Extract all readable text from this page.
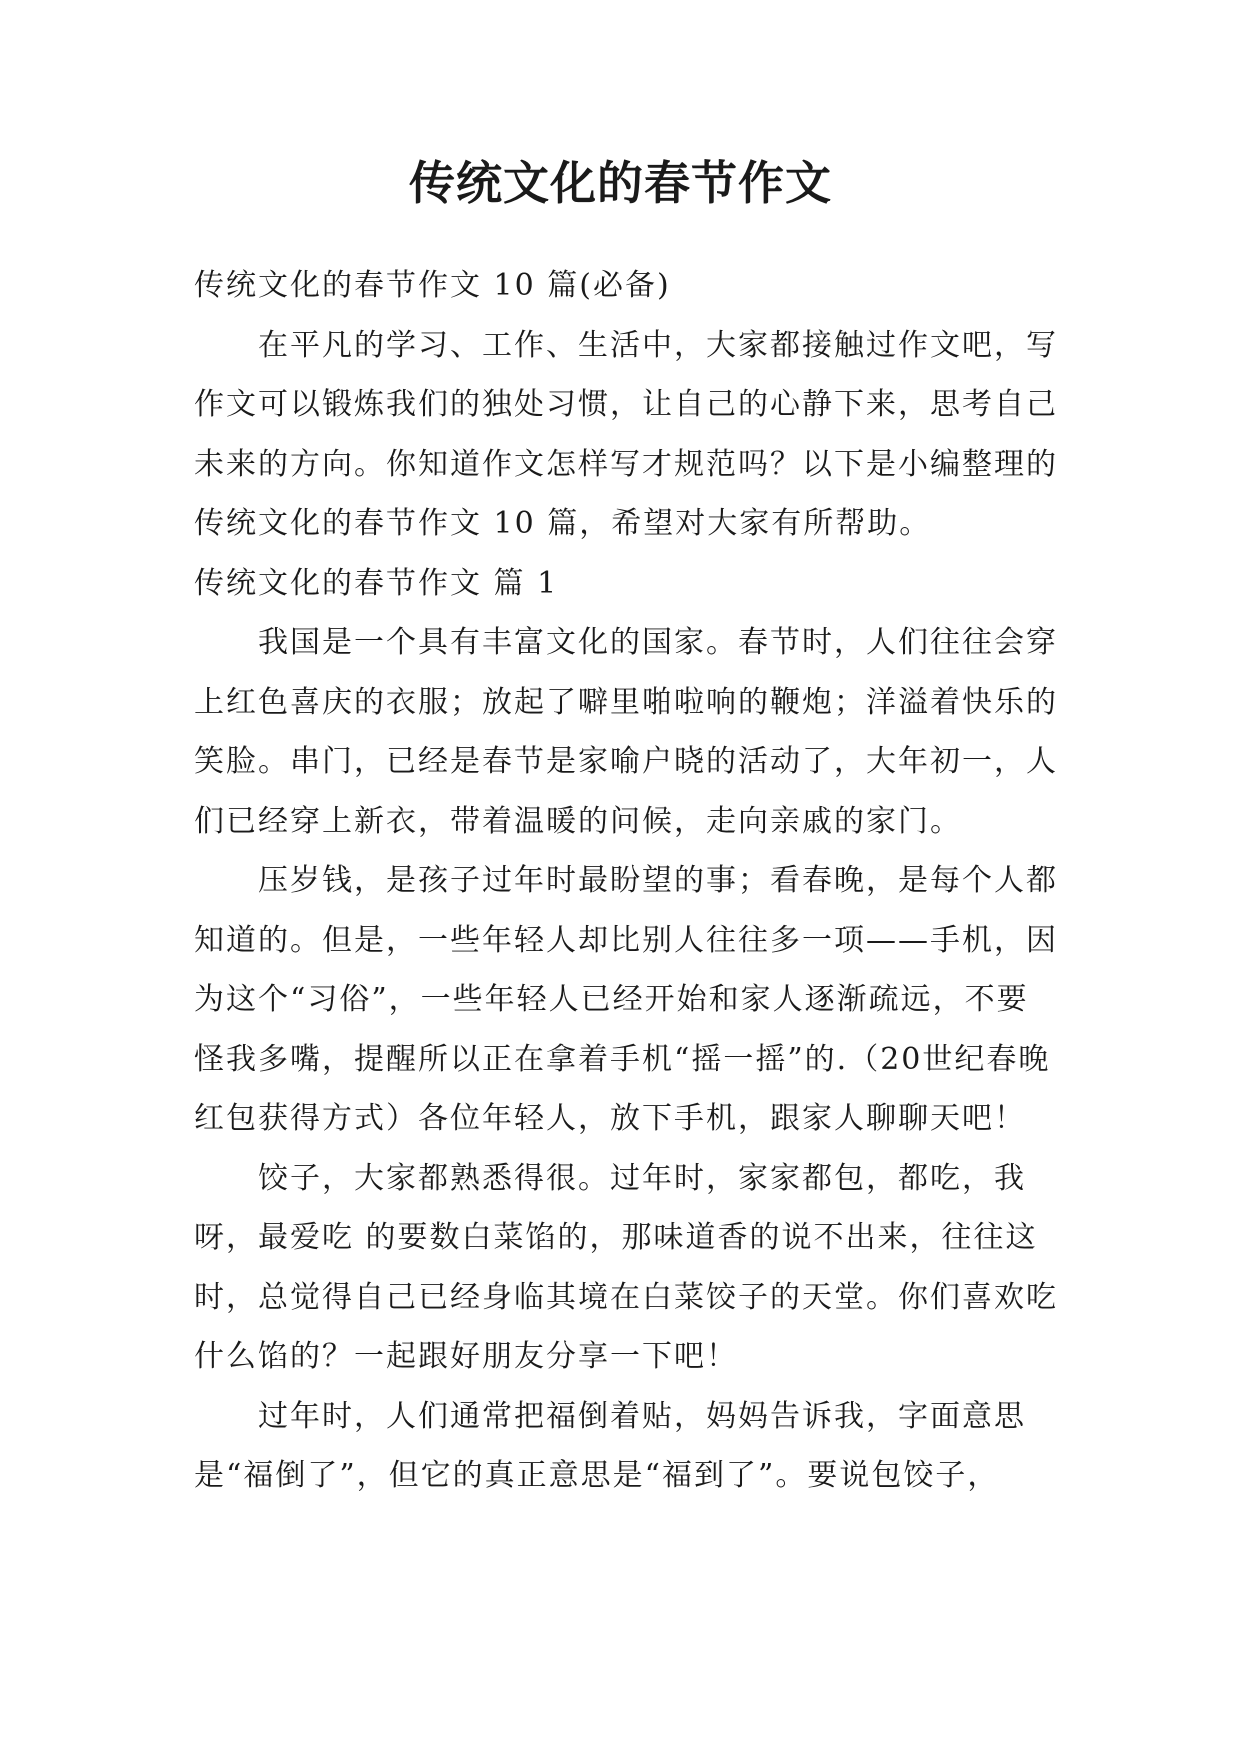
传统文化的春节作文

传统文化的春节作文 10 篇(必备)

在平凡的学习、工作、生活中，大家都接触过作文吧，写作文可以锻炼我们的独处习惯，让自己的心静下来，思考自己未来的方向。你知道作文怎样写才规范吗？以下是小编整理的传统文化的春节作文 10 篇，希望对大家有所帮助。

传统文化的春节作文 篇 1

我国是一个具有丰富文化的国家。春节时，人们往往会穿上红色喜庆的衣服；放起了噼里啪啦响的鞭炮；洋溢着快乐的笑脸。串门，已经是春节是家喻户晓的活动了，大年初一，人们已经穿上新衣，带着温暖的问候，走向亲戚的家门。

压岁钱，是孩子过年时最盼望的事；看春晚，是每个人都知道的。但是，一些年轻人却比别人往往多一项——手机，因为这个“习俗”，一些年轻人已经开始和家人逐渐疏远，不要怪我多嘴，提醒所以正在拿着手机“摇一摇”的.（20世纪春晚红包获得方式）各位年轻人，放下手机，跟家人聊聊天吧！

饺子，大家都熟悉得很。过年时，家家都包，都吃，我呀，最爱吃 的要数白菜馅的，那味道香的说不出来，往往这时，总觉得自己已经身临其境在白菜饺子的天堂。你们喜欢吃什么馅的？一起跟好朋友分享一下吧！

过年时，人们通常把福倒着贴，妈妈告诉我，字面意思是“福倒了”，但它的真正意思是“福到了”。要说包饺子，
